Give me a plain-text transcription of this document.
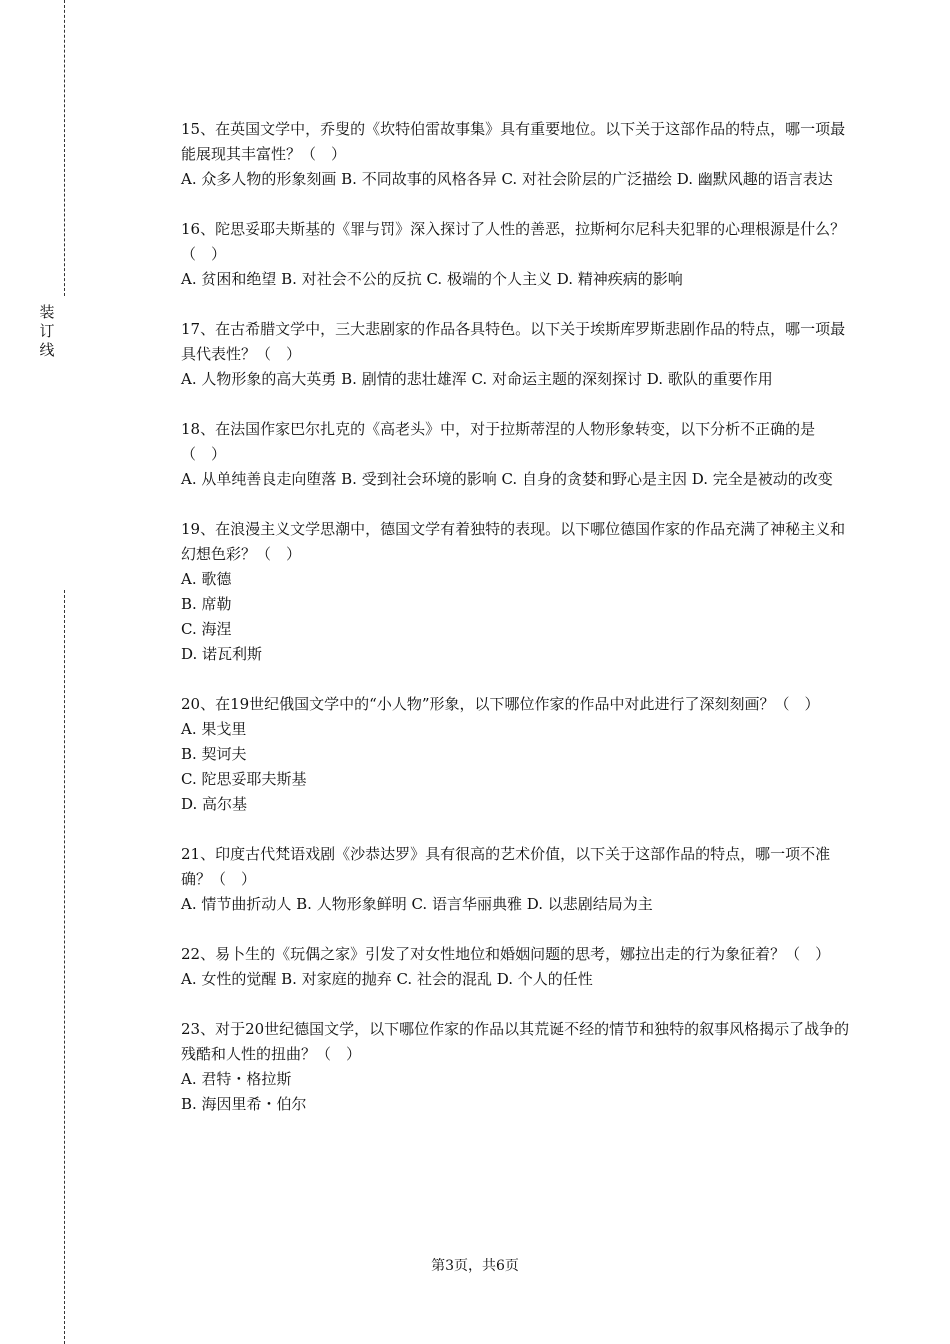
装订线

15、在英国文学中，乔叟的《坎特伯雷故事集》具有重要地位。以下关于这部作品的特点，哪一项最能展现其丰富性？（　）

A. 众多人物的形象刻画 B. 不同故事的风格各异 C. 对社会阶层的广泛描绘 D. 幽默风趣的语言表达

16、陀思妥耶夫斯基的《罪与罚》深入探讨了人性的善恶，拉斯柯尔尼科夫犯罪的心理根源是什么？（　）

A. 贫困和绝望 B. 对社会不公的反抗 C. 极端的个人主义 D. 精神疾病的影响

17、在古希腊文学中，三大悲剧家的作品各具特色。以下关于埃斯库罗斯悲剧作品的特点，哪一项最具代表性？（　）

A. 人物形象的高大英勇 B. 剧情的悲壮雄浑 C. 对命运主题的深刻探讨 D. 歌队的重要作用

18、在法国作家巴尔扎克的《高老头》中，对于拉斯蒂涅的人物形象转变，以下分析不正确的是（　）

A. 从单纯善良走向堕落 B. 受到社会环境的影响 C. 自身的贪婪和野心是主因 D. 完全是被动的改变

19、在浪漫主义文学思潮中，德国文学有着独特的表现。以下哪位德国作家的作品充满了神秘主义和幻想色彩？（　）

A. 歌德

B. 席勒

C. 海涅

D. 诺瓦利斯

20、在19世纪俄国文学中的“小人物”形象，以下哪位作家的作品中对此进行了深刻刻画？（　）

A. 果戈里

B. 契诃夫

C. 陀思妥耶夫斯基

D. 高尔基

21、印度古代梵语戏剧《沙恭达罗》具有很高的艺术价值，以下关于这部作品的特点，哪一项不准确？（　）

A. 情节曲折动人 B. 人物形象鲜明 C. 语言华丽典雅 D. 以悲剧结局为主

22、易卜生的《玩偶之家》引发了对女性地位和婚姻问题的思考，娜拉出走的行为象征着？（　）

A. 女性的觉醒 B. 对家庭的抛弃 C. 社会的混乱 D. 个人的任性

23、对于20世纪德国文学，以下哪位作家的作品以其荒诞不经的情节和独特的叙事风格揭示了战争的残酷和人性的扭曲？（　）

A. 君特・格拉斯

B. 海因里希・伯尔

第3页，共6页
